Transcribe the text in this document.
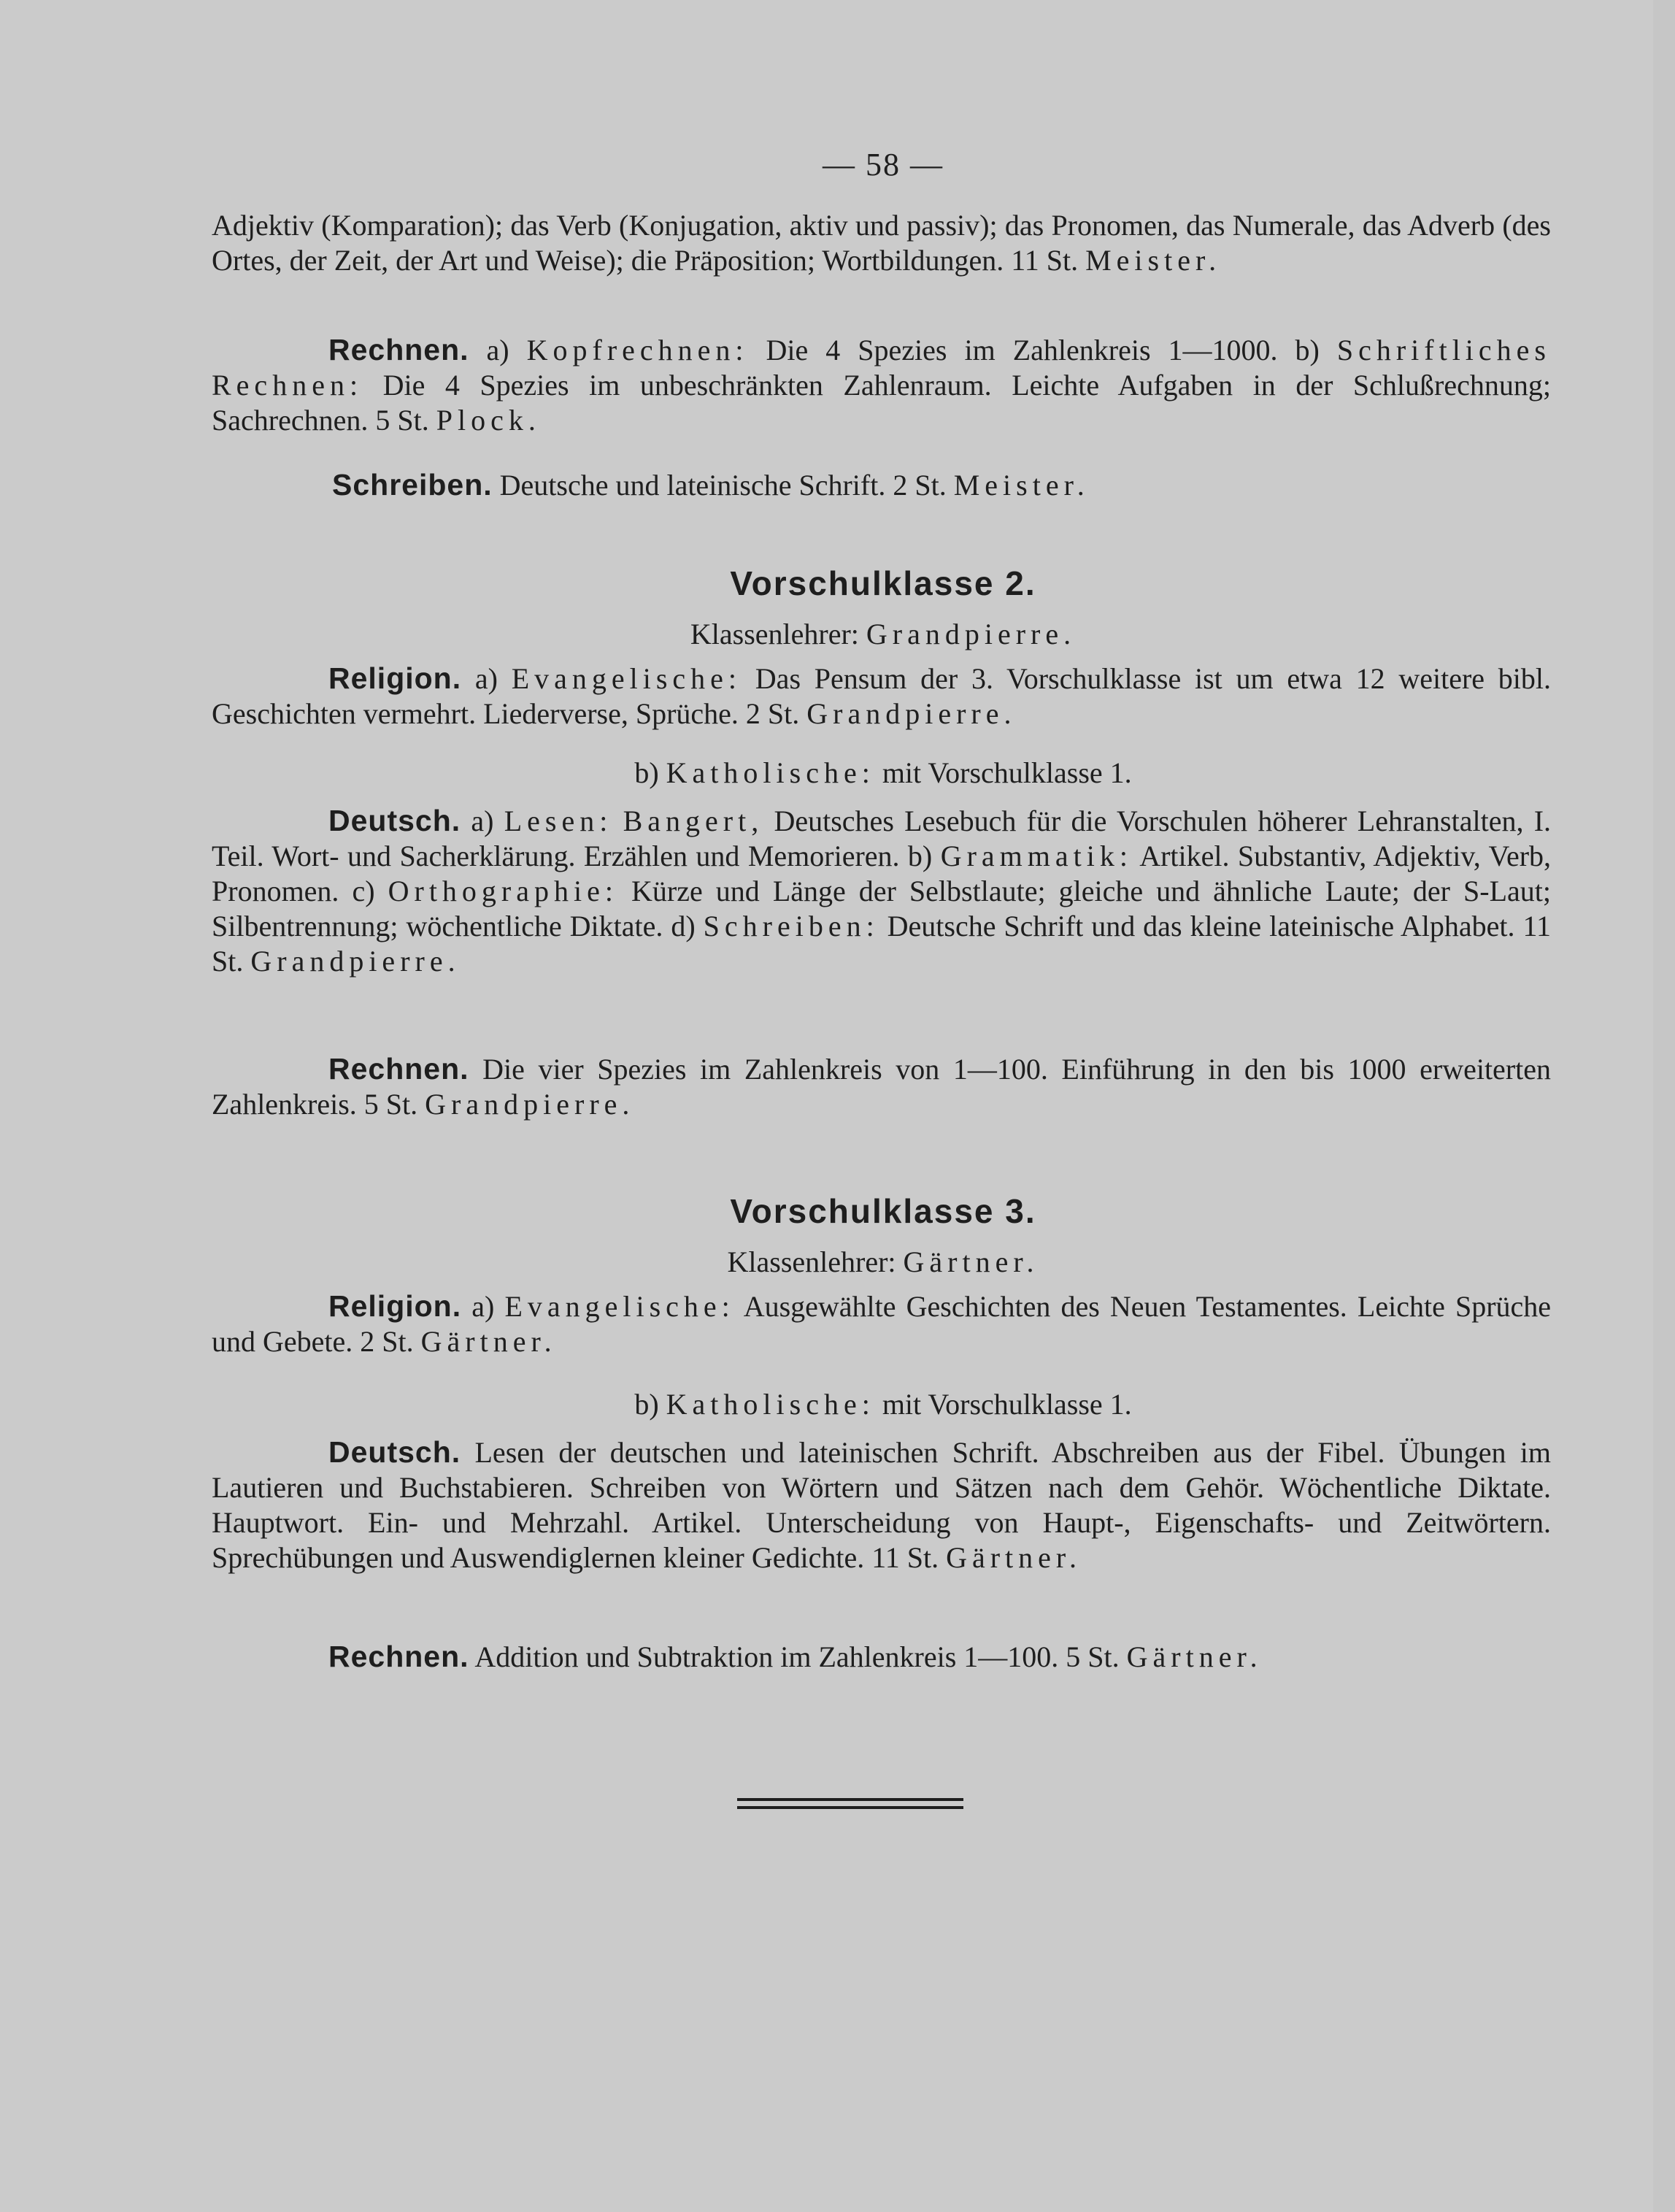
— 58 —
Adjektiv (Komparation); das Verb (Konjugation, aktiv und passiv); das Pronomen, das Numerale, das Adverb (des Ortes, der Zeit, der Art und Weise); die Präposition; Wortbildungen. 11 St. Meister.
Rechnen. a) Kopfrechnen: Die 4 Spezies im Zahlenkreis 1—1000. b) Schriftliches Rechnen: Die 4 Spezies im unbeschränkten Zahlenraum. Leichte Aufgaben in der Schlußrechnung; Sachrechnen. 5 St. Plock.
Schreiben. Deutsche und lateinische Schrift. 2 St. Meister.
Vorschulklasse 2.
Klassenlehrer: Grandpierre.
Religion. a) Evangelische: Das Pensum der 3. Vorschulklasse ist um etwa 12 weitere bibl. Geschichten vermehrt. Liederverse, Sprüche. 2 St. Grandpierre.
b) Katholische: mit Vorschulklasse 1.
Deutsch. a) Lesen: Bangert, Deutsches Lesebuch für die Vorschulen höherer Lehranstalten, I. Teil. Wort- und Sacherklärung. Erzählen und Memorieren. b) Grammatik: Artikel. Substantiv, Adjektiv, Verb, Pronomen. c) Orthographie: Kürze und Länge der Selbstlaute; gleiche und ähnliche Laute; der S-Laut; Silbentrennung; wöchentliche Diktate. d) Schreiben: Deutsche Schrift und das kleine lateinische Alphabet. 11 St. Grandpierre.
Rechnen. Die vier Spezies im Zahlenkreis von 1—100. Einführung in den bis 1000 erweiterten Zahlenkreis. 5 St. Grandpierre.
Vorschulklasse 3.
Klassenlehrer: Gärtner.
Religion. a) Evangelische: Ausgewählte Geschichten des Neuen Testamentes. Leichte Sprüche und Gebete. 2 St. Gärtner.
b) Katholische: mit Vorschulklasse 1.
Deutsch. Lesen der deutschen und lateinischen Schrift. Abschreiben aus der Fibel. Übungen im Lautieren und Buchstabieren. Schreiben von Wörtern und Sätzen nach dem Gehör. Wöchentliche Diktate. Hauptwort. Ein- und Mehrzahl. Artikel. Unterscheidung von Haupt-, Eigenschafts- und Zeitwörtern. Sprechübungen und Auswendiglernen kleiner Gedichte. 11 St. Gärtner.
Rechnen. Addition und Subtraktion im Zahlenkreis 1—100. 5 St. Gärtner.
